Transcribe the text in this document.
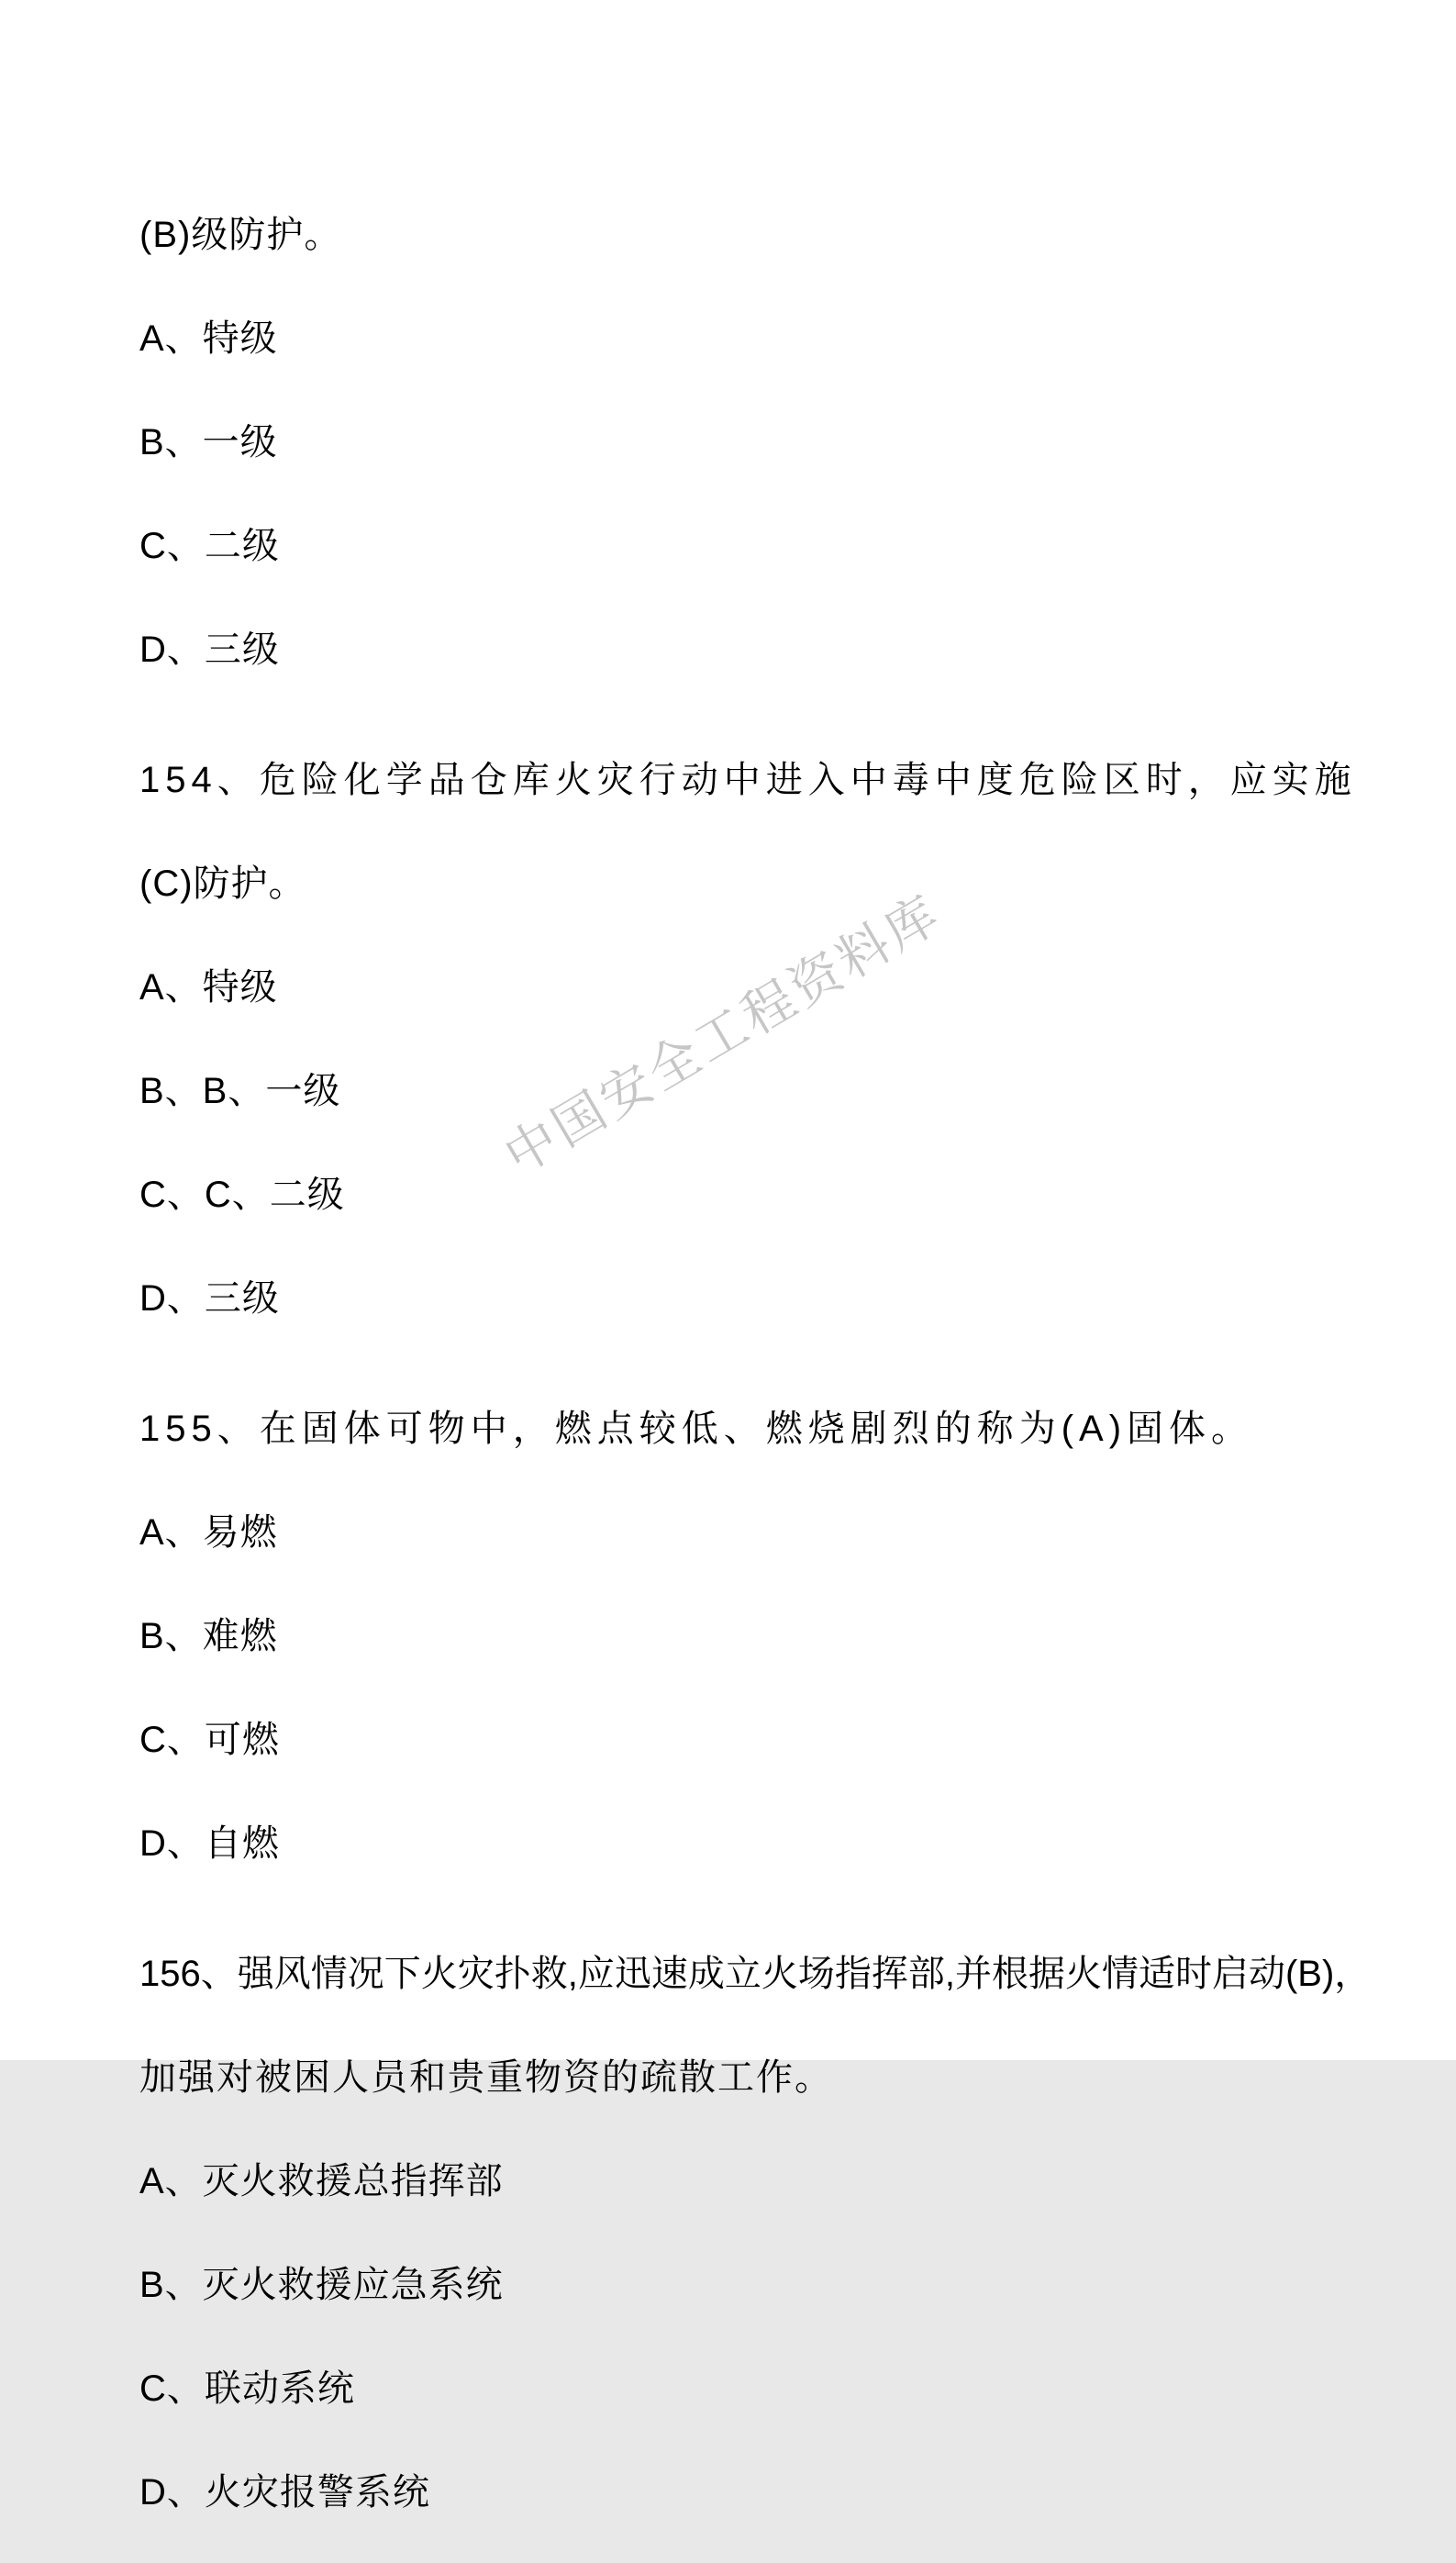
中国安全工程资料库

(B)级防护。

A、特级

B、一级

C、二级

D、三级

154、危险化学品仓库火灾行动中进入中毒中度危险区时，应实施

(C)防护。

A、特级

B、B、一级

C、C、二级

D、三级

155、在固体可物中，燃点较低、燃烧剧烈的称为(A)固体。

A、易燃

B、难燃

C、可燃

D、自燃

156、强风情况下火灾扑救,应迅速成立火场指挥部,并根据火情适时启动(B)，

加强对被困人员和贵重物资的疏散工作。

A、灭火救援总指挥部

B、灭火救援应急系统

C、联动系统

D、火灾报警系统
